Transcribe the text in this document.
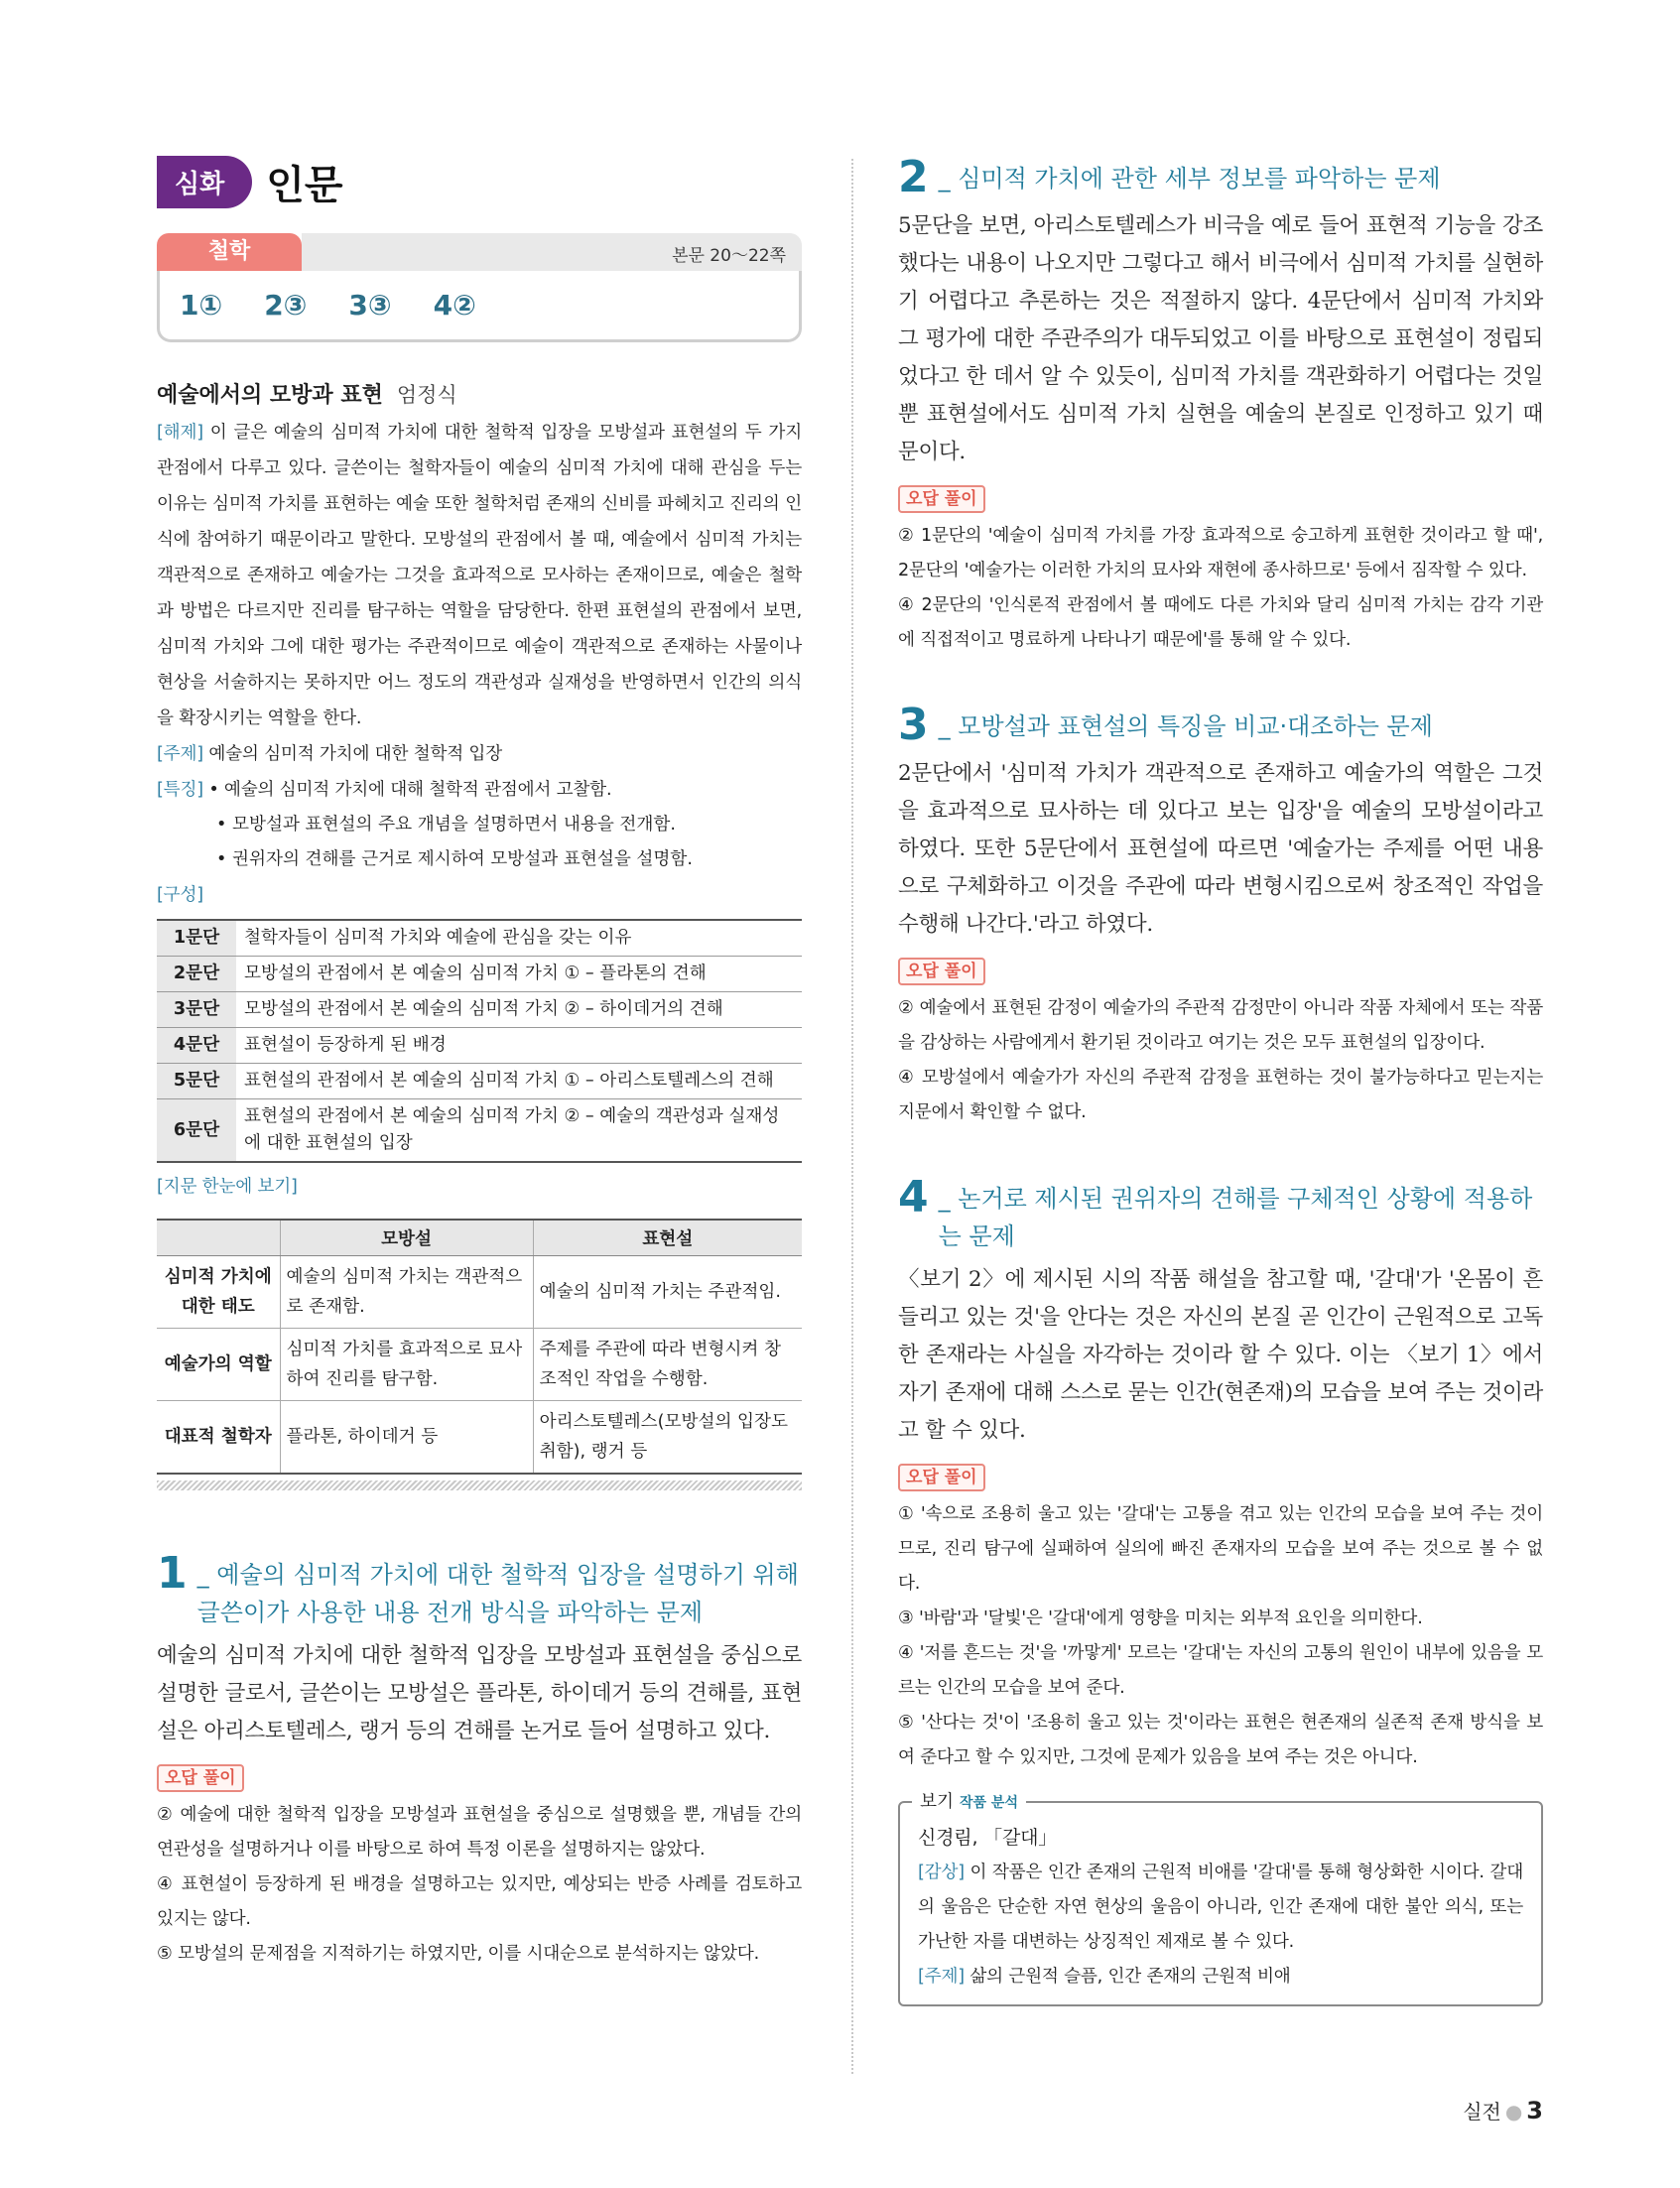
심화	인문
철학	본문 20～22쪽
1① 2③ 3③ 4②
예술에서의 모방과 표현 엄정식
[해제] 이 글은 예술의 심미적 가치에 대한 철학적 입장을 모방설과 표현설의 두 가지 관점에서 다루고 있다. 글쓴이는 철학자들이 예술의 심미적 가치에 대해 관심을 두는 이유는 심미적 가치를 표현하는 예술 또한 철학처럼 존재의 신비를 파헤치고 진리의 인식에 참여하기 때문이라고 말한다. 모방설의 관점에서 볼 때, 예술에서 심미적 가치는 객관적으로 존재하고 예술가는 그것을 효과적으로 모사하는 존재이므로, 예술은 철학과 방법은 다르지만 진리를 탐구하는 역할을 담당한다. 한편 표현설의 관점에서 보면, 심미적 가치와 그에 대한 평가는 주관적이므로 예술이 객관적으로 존재하는 사물이나 현상을 서술하지는 못하지만 어느 정도의 객관성과 실재성을 반영하면서 인간의 의식을 확장시키는 역할을 한다.
[주제] 예술의 심미적 가치에 대한 철학적 입장
[특징] • 예술의 심미적 가치에 대해 철학적 관점에서 고찰함.
• 모방설과 표현설의 주요 개념을 설명하면서 내용을 전개함.
• 권위자의 견해를 근거로 제시하여 모방설과 표현설을 설명함.
[구성]
1문단	철학자들이 심미적 가치와 예술에 관심을 갖는 이유
2문단	모방설의 관점에서 본 예술의 심미적 가치 ① – 플라톤의 견해
3문단	모방설의 관점에서 본 예술의 심미적 가치 ② – 하이데거의 견해
4문단	표현설이 등장하게 된 배경
5문단	표현설의 관점에서 본 예술의 심미적 가치 ① – 아리스토텔레스의 견해
6문단	표현설의 관점에서 본 예술의 심미적 가치 ② – 예술의 객관성과 실재성에 대한 표현설의 입장
[지문 한눈에 보기]
	모방설	표현설
심미적 가치에 대한 태도	예술의 심미적 가치는 객관적으로 존재함.	예술의 심미적 가치는 주관적임.
예술가의 역할	심미적 가치를 효과적으로 묘사하여 진리를 탐구함.	주제를 주관에 따라 변형시켜 창조적인 작업을 수행함.
대표적 철학자	플라톤, 하이데거 등	아리스토텔레스(모방설의 입장도 취함), 랭거 등
1 _ 예술의 심미적 가치에 대한 철학적 입장을 설명하기 위해 글쓴이가 사용한 내용 전개 방식을 파악하는 문제
예술의 심미적 가치에 대한 철학적 입장을 모방설과 표현설을 중심으로 설명한 글로서, 글쓴이는 모방설은 플라톤, 하이데거 등의 견해를, 표현설은 아리스토텔레스, 랭거 등의 견해를 논거로 들어 설명하고 있다.
오답 풀이
② 예술에 대한 철학적 입장을 모방설과 표현설을 중심으로 설명했을 뿐, 개념들 간의 연관성을 설명하거나 이를 바탕으로 하여 특정 이론을 설명하지는 않았다.
④ 표현설이 등장하게 된 배경을 설명하고는 있지만, 예상되는 반증 사례를 검토하고 있지는 않다.
⑤ 모방설의 문제점을 지적하기는 하였지만, 이를 시대순으로 분석하지는 않았다.
2 _ 심미적 가치에 관한 세부 정보를 파악하는 문제
5문단을 보면, 아리스토텔레스가 비극을 예로 들어 표현적 기능을 강조했다는 내용이 나오지만 그렇다고 해서 비극에서 심미적 가치를 실현하기 어렵다고 추론하는 것은 적절하지 않다. 4문단에서 심미적 가치와 그 평가에 대한 주관주의가 대두되었고 이를 바탕으로 표현설이 정립되었다고 한 데서 알 수 있듯이, 심미적 가치를 객관화하기 어렵다는 것일 뿐 표현설에서도 심미적 가치 실현을 예술의 본질로 인정하고 있기 때문이다.
오답 풀이
② 1문단의 '예술이 심미적 가치를 가장 효과적으로 숭고하게 표현한 것이라고 할 때', 2문단의 '예술가는 이러한 가치의 묘사와 재현에 종사하므로' 등에서 짐작할 수 있다.
④ 2문단의 '인식론적 관점에서 볼 때에도 다른 가치와 달리 심미적 가치는 감각 기관에 직접적이고 명료하게 나타나기 때문에'를 통해 알 수 있다.
3 _ 모방설과 표현설의 특징을 비교·대조하는 문제
2문단에서 '심미적 가치가 객관적으로 존재하고 예술가의 역할은 그것을 효과적으로 묘사하는 데 있다고 보는 입장'을 예술의 모방설이라고 하였다. 또한 5문단에서 표현설에 따르면 '예술가는 주제를 어떤 내용으로 구체화하고 이것을 주관에 따라 변형시킴으로써 창조적인 작업을 수행해 나간다.'라고 하였다.
오답 풀이
② 예술에서 표현된 감정이 예술가의 주관적 감정만이 아니라 작품 자체에서 또는 작품을 감상하는 사람에게서 환기된 것이라고 여기는 것은 모두 표현설의 입장이다.
④ 모방설에서 예술가가 자신의 주관적 감정을 표현하는 것이 불가능하다고 믿는지는 지문에서 확인할 수 없다.
4 _ 논거로 제시된 권위자의 견해를 구체적인 상황에 적용하는 문제
〈보기 2〉에 제시된 시의 작품 해설을 참고할 때, '갈대'가 '온몸이 흔들리고 있는 것'을 안다는 것은 자신의 본질 곧 인간이 근원적으로 고독한 존재라는 사실을 자각하는 것이라 할 수 있다. 이는 〈보기 1〉에서 자기 존재에 대해 스스로 묻는 인간(현존재)의 모습을 보여 주는 것이라고 할 수 있다.
오답 풀이
① '속으로 조용히 울고 있는 '갈대'는 고통을 겪고 있는 인간의 모습을 보여 주는 것이므로, 진리 탐구에 실패하여 실의에 빠진 존재자의 모습을 보여 주는 것으로 볼 수 없다.
③ '바람'과 '달빛'은 '갈대'에게 영향을 미치는 외부적 요인을 의미한다.
④ '저를 흔드는 것'을 '까맣게' 모르는 '갈대'는 자신의 고통의 원인이 내부에 있음을 모르는 인간의 모습을 보여 준다.
⑤ '산다는 것'이 '조용히 울고 있는 것'이라는 표현은 현존재의 실존적 존재 방식을 보여 준다고 할 수 있지만, 그것에 문제가 있음을 보여 주는 것은 아니다.
보기 작품 분석
신경림, 「갈대」
[감상] 이 작품은 인간 존재의 근원적 비애를 '갈대'를 통해 형상화한 시이다. 갈대의 울음은 단순한 자연 현상의 울음이 아니라, 인간 존재에 대한 불안 의식, 또는 가난한 자를 대변하는 상징적인 제재로 볼 수 있다.
[주제] 삶의 근원적 슬픔, 인간 존재의 근원적 비애
실전 ● 3
